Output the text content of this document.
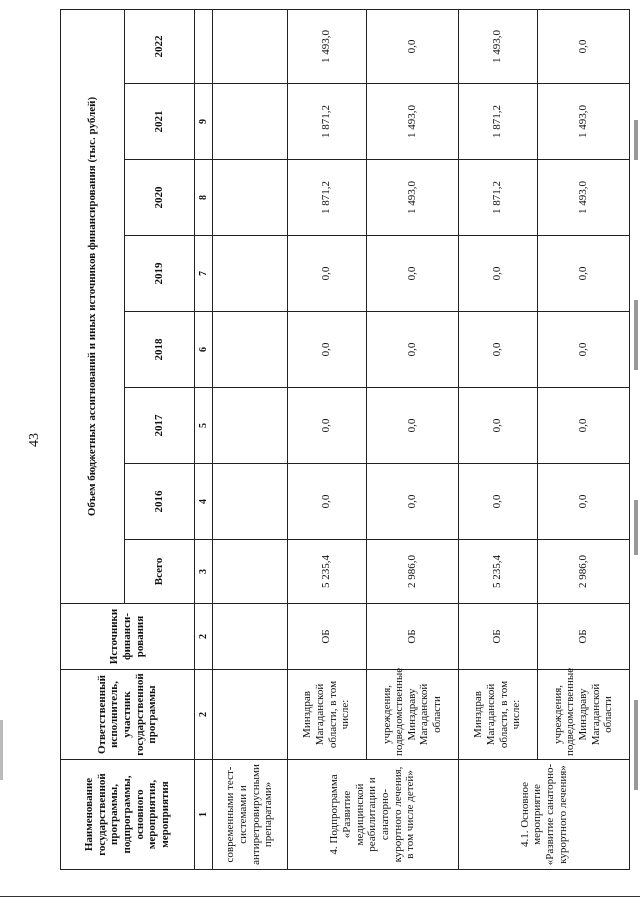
43
Наименование государственной программы, подпрограммы, основного мероприятия, мероприятия	Ответственный исполнитель, участник государственной программы	Источники финанси-рования	Объем бюджетных ассигнований и иных источников финансирования (тыс. рублей)							
			Всего	2016	2017	2018	2019	2020	2021	2022
1	2	2	3	4	5	6	7	8	9	
современными тест-системами и антиретровирусными препаратами»										
4. Подпрограмма «Развитие медицинской реабилитации и санаторно-курортного лечения, в том числе детей»	Минздрав Магаданской области, в том числе:	ОБ	5 235,4	0,0	0,0	0,0	0,0	1 871,2	1 871,2	1 493,0
	учреждения, подведомственные Минздраву Магаданской области	ОБ	2 986,0	0,0	0,0	0,0	0,0	1 493,0	1 493,0	0,0
4.1. Основное мероприятие «Развитие санаторно-курортного лечения»	Минздрав Магаданской области, в том числе:	ОБ	5 235,4	0,0	0,0	0,0	0,0	1 871,2	1 871,2	1 493,0
	учреждения, подведомственные Минздраву Магаданской области	ОБ	2 986,0	0,0	0,0	0,0	0,0	1 493,0	1 493,0	0,0
